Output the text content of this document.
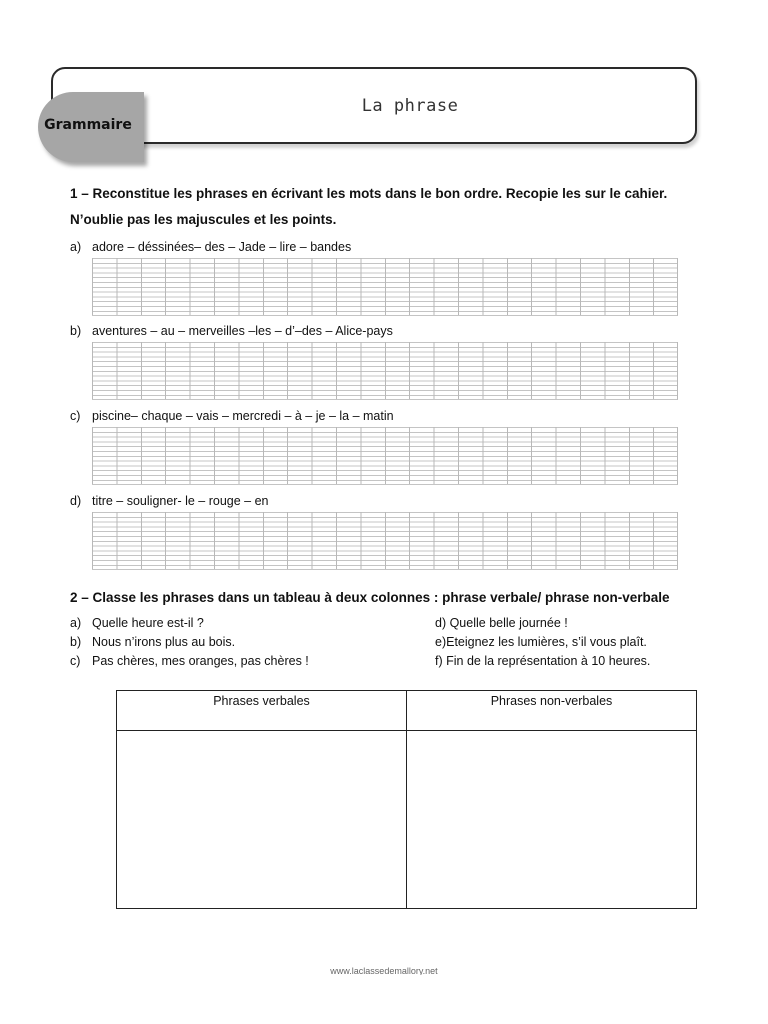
Grammaire
La phrase
1 – Reconstitue les phrases en écrivant les mots dans le bon ordre. Recopie les sur le cahier.
N’oublie pas les majuscules et les points.
a) adore – déssinées– des – Jade – lire – bandes
b) aventures – au – merveilles –les – d’–des – Alice-pays
c) piscine– chaque – vais – mercredi – à – je – la – matin
d) titre – souligner- le – rouge – en
2 – Classe les phrases dans un tableau à deux colonnes : phrase verbale/ phrase non-verbale
a) Quelle heure est-il ?	d) Quelle belle journée !
b) Nous n’irons plus au bois.	e)Eteignez les lumières, s’il vous plaît.
c) Pas chères, mes oranges, pas chères !	f) Fin de la représentation à 10 heures.
Phrases verbales	Phrases non-verbales

www.laclassedemallory.net
